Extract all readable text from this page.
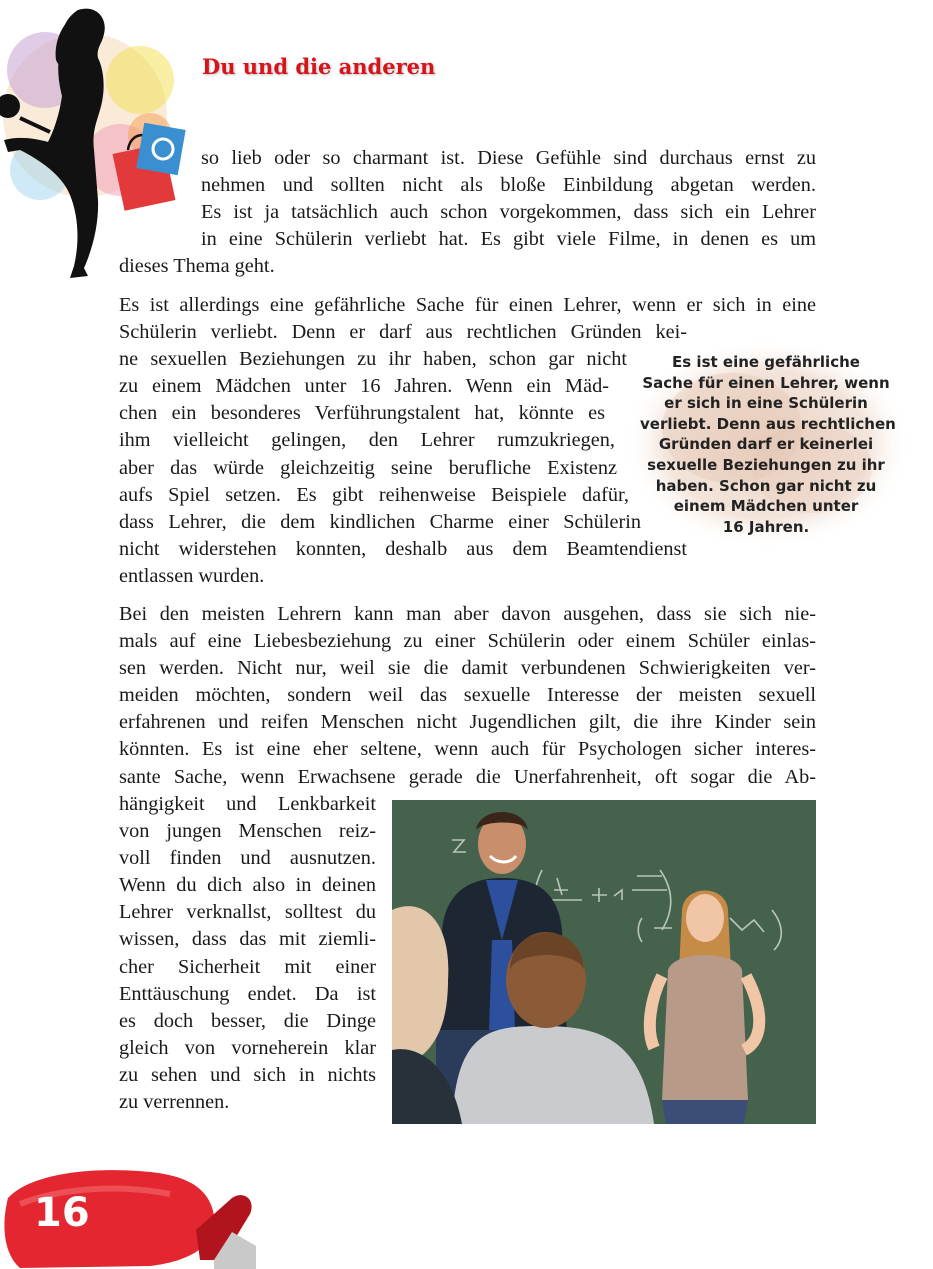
Du und die anderen
so lieb oder so charmant ist. Diese Gefühle sind durchaus ernst zu
nehmen und sollten nicht als bloße Einbildung abgetan werden.
Es ist ja tatsächlich auch schon vorgekommen, dass sich ein Lehrer
in eine Schülerin verliebt hat. Es gibt viele Filme, in denen es um
dieses Thema geht.
Es ist allerdings eine gefährliche Sache für einen Lehrer, wenn er sich in eine
Schülerin verliebt. Denn er darf aus rechtlichen Gründen kei-
ne sexuellen Beziehungen zu ihr haben, schon gar nicht
zu einem Mädchen unter 16 Jahren. Wenn ein Mäd-
chen ein besonderes Verführungstalent hat, könnte es
ihm vielleicht gelingen, den Lehrer rumzukriegen,
aber das würde gleichzeitig seine berufliche Existenz
aufs Spiel setzen. Es gibt reihenweise Beispiele dafür,
dass Lehrer, die dem kindlichen Charme einer Schülerin
nicht widerstehen konnten, deshalb aus dem Beamtendienst
entlassen wurden.
Es ist eine gefährliche
Sache für einen Lehrer, wenn
er sich in eine Schülerin
verliebt. Denn aus rechtlichen
Gründen darf er keinerlei
sexuelle Beziehungen zu ihr
haben. Schon gar nicht zu
einem Mädchen unter
16 Jahren.
Bei den meisten Lehrern kann man aber davon ausgehen, dass sie sich nie-
mals auf eine Liebesbeziehung zu einer Schülerin oder einem Schüler einlas-
sen werden. Nicht nur, weil sie die damit verbundenen Schwierigkeiten ver-
meiden möchten, sondern weil das sexuelle Interesse der meisten sexuell
erfahrenen und reifen Menschen nicht Jugendlichen gilt, die ihre Kinder sein
könnten. Es ist eine eher seltene, wenn auch für Psychologen sicher interes-
sante Sache, wenn Erwachsene gerade die Unerfahrenheit, oft sogar die Ab-
hängigkeit und Lenkbarkeit
von jungen Menschen reiz-
voll finden und ausnutzen.
Wenn du dich also in deinen
Lehrer verknallst, solltest du
wissen, dass das mit ziemli-
cher Sicherheit mit einer
Enttäuschung endet. Da ist
es doch besser, die Dinge
gleich von vorneherein klar
zu sehen und sich in nichts
zu verrennen.
16
